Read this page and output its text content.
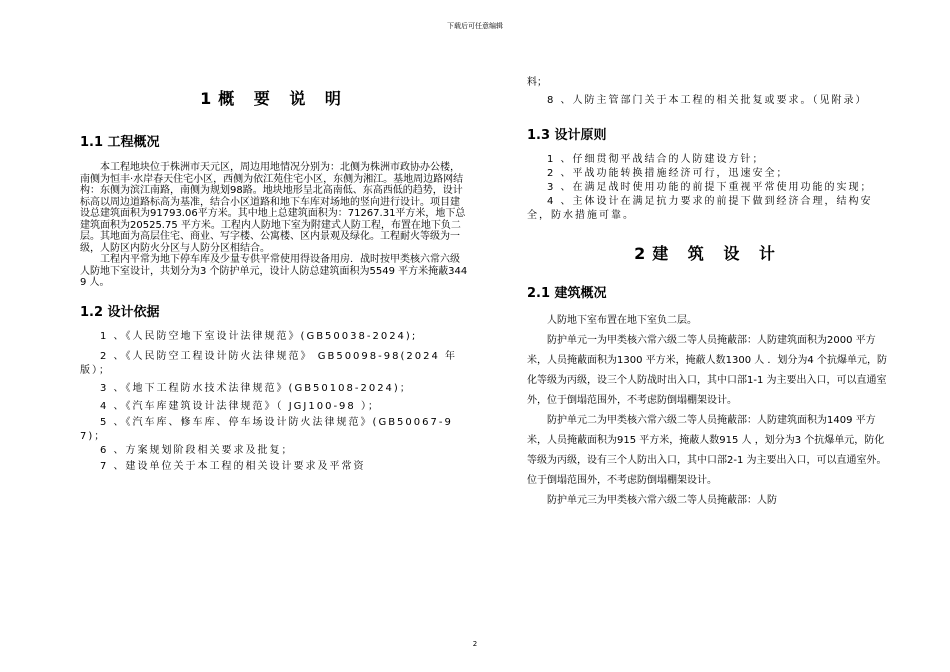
下载后可任意编辑
1概 要 说 明
1.1 工程概况

本工程地块位于株洲市天元区，周边用地情况分别为：北侧为株洲市政协办公楼，南侧为恒丰·水岸春天住宅小区，西侧为依江苑住宅小区，东侧为湘江。基地周边路网结构：东侧为滨江南路，南侧为规划98路。地块地形呈北高南低、东高西低的趋势，设计标高以周边道路标高为基准，结合小区道路和地下车库对场地的竖向进行设计。项目建设总建筑面积为91793.06平方米。其中地上总建筑面积为：71267.31平方米，地下总建筑面积为20525.75 平方米。工程内人防地下室为附建式人防工程，布置在地下负二层。其地面为高层住宅、商业、写字楼、公寓楼、区内景观及绿化。工程耐火等级为一级，人防区内防火分区与人防分区相结合。

工程内平常为地下停车库及少量专供平常使用得设备用房．战时按甲类核六常六级人防地下室设计，共划分为3 个防护单元，设计人防总建筑面积为5549 平方米掩蔽3449 人。

1.2 设计依据

1 、《人民防空地下室设计法律规范》(GB50038-2024);

2 、《人民防空工程设计防火法律规范》 GB50098-98(2024 年版）；

3 、《地下工程防水技术法律规范》(GB50108-2024)；

4 、《汽车库建筑设计法律规范》（ JGJ100-98 ）；

5 、《汽车库、修车库、停车场设计防火法律规范》(GB50067-97)；

6 、方案规划阶段相关要求及批复；

7 、建设单位关于本工程的相关设计要求及平常资

料；

8 、人防主管部门关于本工程的相关批复或要求。（见附录）

1.3 设计原则

1 、仔细贯彻平战结合的人防建设方针；

2 、平战功能转换措施经济可行，迅速安全；

3 、在满足战时使用功能的前提下重视平常使用功能的实现；

4 、主体设计在满足抗力要求的前提下做到经济合理，结构安全，防水措施可靠。

2建 筑 设 计
2.1 建筑概况

人防地下室布置在地下室负二层。

防护单元一为甲类核六常六级二等人员掩蔽部：人防建筑面积为2000 平方米，人员掩蔽面积为1300 平方米，掩蔽人数1300 人 ．划分为4 个抗爆单元，防化等级为丙级，设三个人防战时出入口，其中口部1-1 为主要出入口，可以直通室外，位于倒塌范围外，不考虑防倒塌棚架设计。

防护单元二为甲类核六常六级二等人员掩蔽部：人防建筑面积为1409 平方米，人员掩蔽面积为915 平方米，掩蔽人数915 人 ，划分为3 个抗爆单元，防化等级为丙级，设有三个人防出入口，其中口部2-1 为主要出入口，可以直通室外。位于倒塌范围外，不考虑防倒塌棚架设计。

防护单元三为甲类核六常六级二等人员掩蔽部：人防

2
